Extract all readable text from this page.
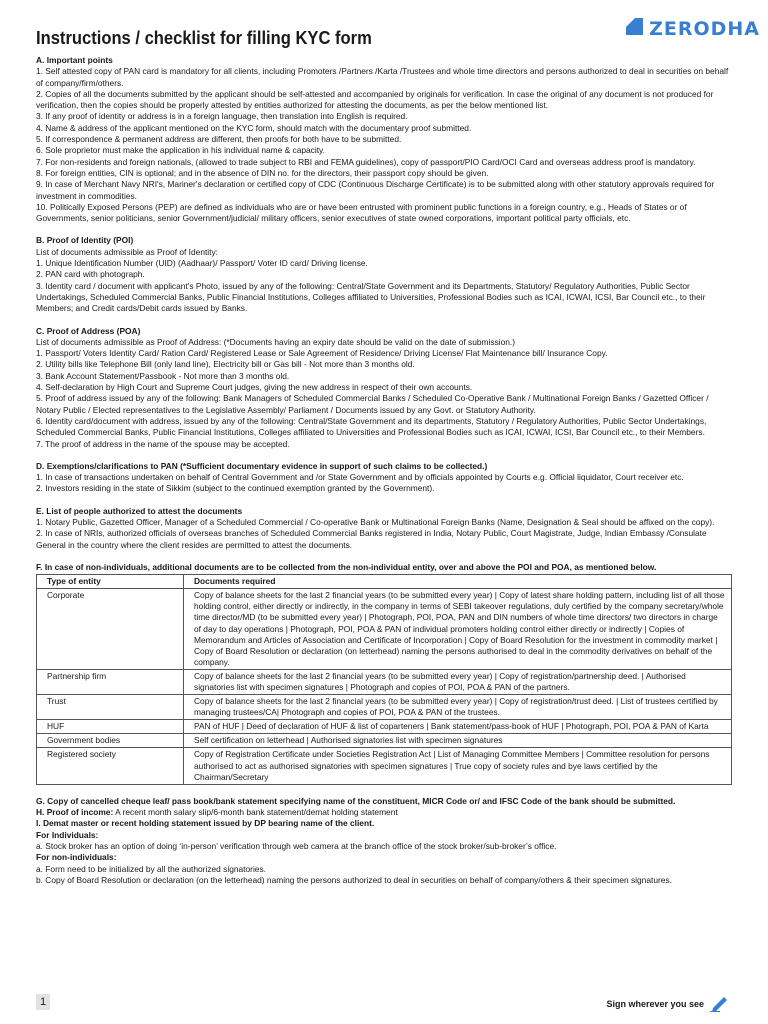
ZERODHA
Instructions / checklist for filling KYC form

A. Important points

1. Self attested copy of PAN card is mandatory for all clients, including Promoters /Partners /Karta /Trustees and whole time directors and persons authorized to deal in securities on behalf of company/firm/others.

2. Copies of all the documents submitted by the applicant should be self-attested and accompanied by originals for verification. In case the original of any document is not produced for verification, then the copies should be properly attested by entities authorized for attesting the documents, as per the below mentioned list.

3. If any proof of identity or address is in a foreign language, then translation into English is required.

4. Name & address of the applicant mentioned on the KYC form, should match with the documentary proof submitted.

5. If correspondence & permanent address are different, then proofs for both have to be submitted.

6. Sole proprietor must make the application in his individual name & capacity.

7. For non-residents and foreign nationals, (allowed to trade subject to RBI and FEMA guidelines), copy of passport/PIO Card/OCI Card and overseas address proof is mandatory.

8. For foreign entities, CIN is optional; and in the absence of DIN no. for the directors, their passport copy should be given.

9. In case of Merchant Navy NRI's, Mariner's declaration or certified copy of CDC (Continuous Discharge Certificate) is to be submitted along with other statutory approvals required for investment in commodities.

10. Politically Exposed Persons (PEP) are defined as individuals who are or have been entrusted with prominent public functions in a foreign country, e.g., Heads of States or of Governments, senior politicians, senior Government/judicial/ military officers, senior executives of state owned corporations, important political party officials, etc.

B. Proof of Identity (POI)

List of documents admissible as Proof of Identity:

1. Unique Identification Number (UID) (Aadhaar)/ Passport/ Voter ID card/ Driving license.

2. PAN card with photograph.

3. Identity card / document with applicant's Photo, issued by any of the following: Central/State Government and its Departments, Statutory/ Regulatory Authorities, Public Sector Undertakings, Scheduled Commercial Banks, Public Financial Institutions, Colleges affiliated to Universities, Professional Bodies such as ICAI, ICWAI, ICSI, Bar Council etc., to their Members; and Credit cards/Debit cards issued by Banks.

C. Proof of Address (POA)

List of documents admissible as Proof of Address: (*Documents having an expiry date should be valid on the date of submission.)

1. Passport/ Voters Identity Card/ Ration Card/ Registered Lease or Sale Agreement of Residence/ Driving License/ Flat Maintenance bill/ Insurance Copy.

2. Utility bills like Telephone Bill (only land line), Electricity bill or Gas bill - Not more than 3 months old.

3. Bank Account Statement/Passbook - Not more than 3 months old.

4. Self-declaration by High Court and Supreme Court judges, giving the new address in respect of their own accounts.

5. Proof of address issued by any of the following: Bank Managers of Scheduled Commercial Banks / Scheduled Co-Operative Bank / Multinational Foreign Banks / Gazetted Officer / Notary Public / Elected representatives to the Legislative Assembly/ Parliament / Documents issued by any Govt. or Statutory Authority.

6. Identity card/document with address, issued by any of the following: Central/State Government and its departments, Statutory / Regulatory Authorities, Public Sector Undertakings, Scheduled Commercial Banks, Public Financial Institutions, Colleges affiliated to Universities and Professional Bodies such as ICAI, ICWAI, ICSI, Bar Council etc., to their Members.

7. The proof of address in the name of the spouse may be accepted.

D. Exemptions/clarifications to PAN (*Sufficient documentary evidence in support of such claims to be collected.)

1. In case of transactions undertaken on behalf of Central Government and /or State Government and by officials appointed by Courts e.g. Official liquidator, Court receiver etc.

2. Investors residing in the state of Sikkim (subject to the continued exemption granted by the Government).

E. List of people authorized to attest the documents

1. Notary Public, Gazetted Officer, Manager of a Scheduled Commercial / Co-operative Bank or Multinational Foreign Banks (Name, Designation & Seal should be affixed on the copy).

2. In case of NRIs, authorized officials of overseas branches of Scheduled Commercial Banks registered in India, Notary Public, Court Magistrate, Judge, Indian Embassy /Consulate General in the country where the client resides are permitted to attest the documents.

F. In case of non-individuals, additional documents are to be collected from the non-individual entity, over and above the POI and POA, as mentioned below.

Type of entity	Documents required
Corporate	Copy of balance sheets for the last 2 financial years (to be submitted every year) | Copy of latest share holding pattern, including list of all those holding control, either directly or indirectly, in the company in terms of SEBI takeover regulations, duly certified by the company secretary/whole time director/MD (to be submitted every year) | Photograph, POI, POA, PAN and DIN numbers of whole time directors/ two directors in charge of day to day operations | Photograph, POI, POA & PAN of individual promoters holding control either directly or indirectly | Copies of Memorandum and Articles of Association and Certificate of Incorporation | Copy of Board Resolution for the investment in commodity market | Copy of Board Resolution or declaration (on letterhead) naming the persons authorised to deal in the commodity derivatives on behalf of the company.
Partnership firm	Copy of balance sheets for the last 2 financial years (to be submitted every year) | Copy of registration/partnership deed. | Authorised signatories list with specimen signatures | Photograph and copies of POI, POA & PAN of the partners.
Trust	Copy of balance sheets for the last 2 financial years (to be submitted every year) | Copy of registration/trust deed. | List of trustees certified by managing trustees/CA| Photograph and copies of POI, POA & PAN of the trustees.
HUF	PAN of HUF | Deed of declaration of HUF & list of coparteners | Bank statement/pass-book of HUF | Photograph, POI, POA & PAN of Karta
Government bodies	Self certification on letterhead | Authorised signatories list with specimen signatures
Registered society	Copy of Registration Certificate under Societies Registration Act | List of Managing Committee Members | Committee resolution for persons authorised to act as authorised signatories with specimen signatures | True copy of society rules and bye laws certified by the Chairman/Secretary

G. Copy of cancelled cheque leaf/ pass book/bank statement specifying name of the constituent, MICR Code or/ and IFSC Code of the bank should be submitted.

H. Proof of income: A recent month salary slip/6-month bank statement/demat holding statement

I. Demat master or recent holding statement issued by DP bearing name of the client.

For Individuals:

a. Stock broker has an option of doing ‘in-person’ verification through web camera at the branch office of the stock broker/sub-broker’s office.

For non-individuals:

a. Form need to be initialized by all the authorized signatories.

b. Copy of Board Resolution or declaration (on the letterhead) naming the persons authorized to deal in securities on behalf of company/others & their specimen signatures.

1	Sign wherever you see
